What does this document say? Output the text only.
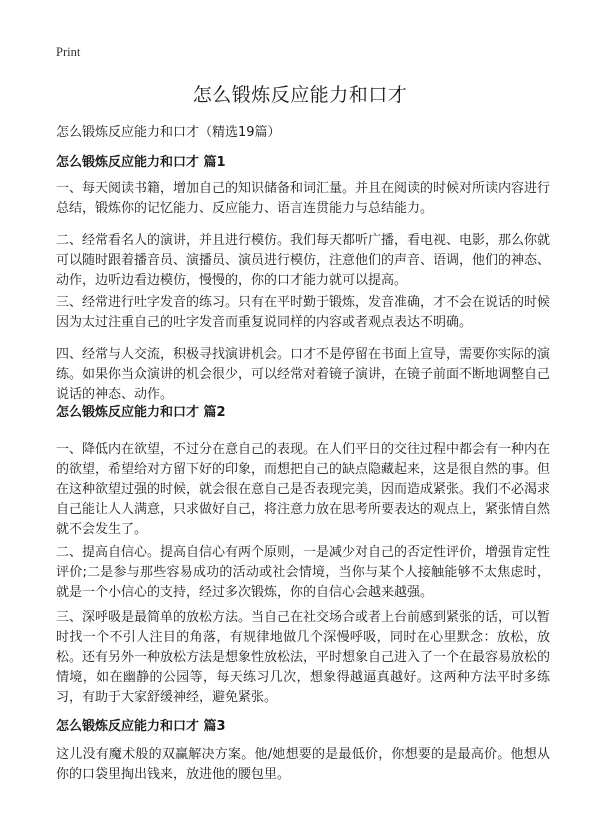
Print
怎么锻炼反应能力和口才
怎么锻炼反应能力和口才（精选19篇）
怎么锻炼反应能力和口才 篇1

一、每天阅读书籍，增加自己的知识储备和词汇量。并且在阅读的时候对所读内容进行总结，锻炼你的记忆能力、反应能力、语言连贯能力与总结能力。

二、经常看名人的演讲，并且进行模仿。我们每天都听广播，看电视、电影，那么你就可以随时跟着播音员、演播员、演员进行模仿，注意他们的声音、语调，他们的神态、动作，边听边看边模仿，慢慢的，你的口才能力就可以提高。

三、经常进行吐字发音的练习。只有在平时勤于锻炼，发音准确，才不会在说话的时候因为太过注重自己的吐字发音而重复说同样的内容或者观点表达不明确。

四、经常与人交流，积极寻找演讲机会。口才不是停留在书面上宣导，需要你实际的演练。如果你当众演讲的机会很少，可以经常对着镜子演讲，在镜子前面不断地调整自己说话的神态、动作。

怎么锻炼反应能力和口才 篇2

一、降低内在欲望，不过分在意自己的表现。在人们平日的交往过程中都会有一种内在的欲望，希望给对方留下好的印象，而想把自己的缺点隐藏起来，这是很自然的事。但在这种欲望过强的时候，就会很在意自己是否表现完美，因而造成紧张。我们不必渴求自己能让人人满意，只求做好自己，将注意力放在思考所要表达的观点上，紧张情自然就不会发生了。

二、提高自信心。提高自信心有两个原则，一是减少对自己的否定性评价，增强肯定性评价;二是参与那些容易成功的活动或社会情境，当你与某个人接触能够不太焦虑时，就是一个小信心的支持，经过多次锻炼，你的自信心会越来越强。

三、深呼吸是最简单的放松方法。当自己在社交场合或者上台前感到紧张的话，可以暂时找一个不引人注目的角落，有规律地做几个深慢呼吸，同时在心里默念：放松，放松。还有另外一种放松方法是想象性放松法，平时想象自己进入了一个在最容易放松的情境，如在幽静的公园等，每天练习几次，想象得越逼真越好。这两种方法平时多练习，有助于大家舒缓神经，避免紧张。

怎么锻炼反应能力和口才 篇3

这儿没有魔术般的双赢解决方案。他/她想要的是最低价，你想要的是最高价。他想从你的口袋里掏出钱来，放进他的腰包里。
